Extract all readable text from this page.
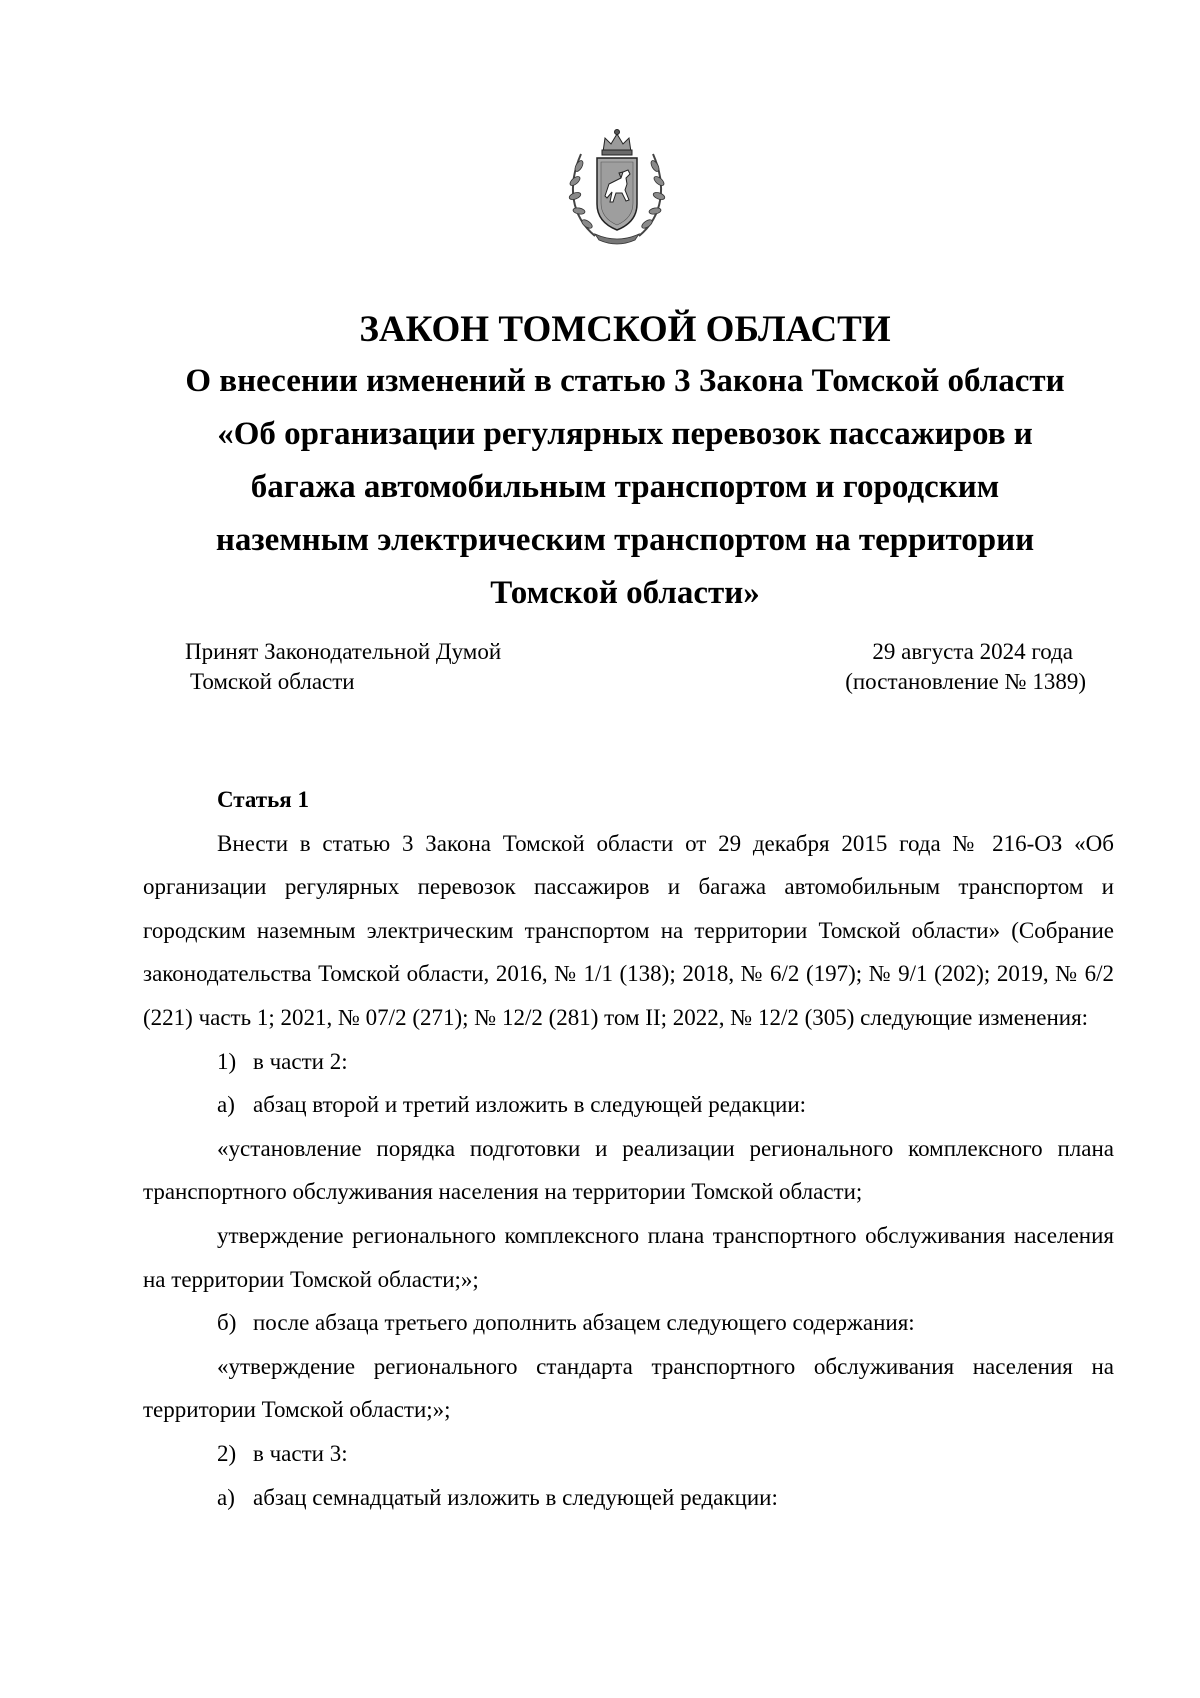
ЗАКОН ТОМСКОЙ ОБЛАСТИ
О внесении изменений в статью 3 Закона Томской области
«Об организации регулярных перевозок пассажиров и
багажа автомобильным транспортом и городским
наземным электрическим транспортом на территории
Томской области»
Принят Законодательной Думой
Томской области
29 августа 2024 года
(постановление № 1389)

Статья 1

Внести в статью 3 Закона Томской области от 29 декабря 2015 года № 216-ОЗ «Об организации регулярных перевозок пассажиров и багажа автомобильным транспортом и городским наземным электрическим транспортом на территории Томской области» (Собрание законодательства Томской области, 2016, № 1/1 (138); 2018, № 6/2 (197); № 9/1 (202); 2019, № 6/2 (221) часть 1; 2021, № 07/2 (271); № 12/2 (281) том II; 2022, № 12/2 (305) следующие изменения:

1) в части 2:

а) абзац второй и третий изложить в следующей редакции:

«установление порядка подготовки и реализации регионального комплексного плана транспортного обслуживания населения на территории Томской области;

утверждение регионального комплексного плана транспортного обслуживания населения на территории Томской области;»;

б) после абзаца третьего дополнить абзацем следующего содержания:

«утверждение регионального стандарта транспортного обслуживания населения на территории Томской области;»;

2) в части 3:

а) абзац семнадцатый изложить в следующей редакции:
